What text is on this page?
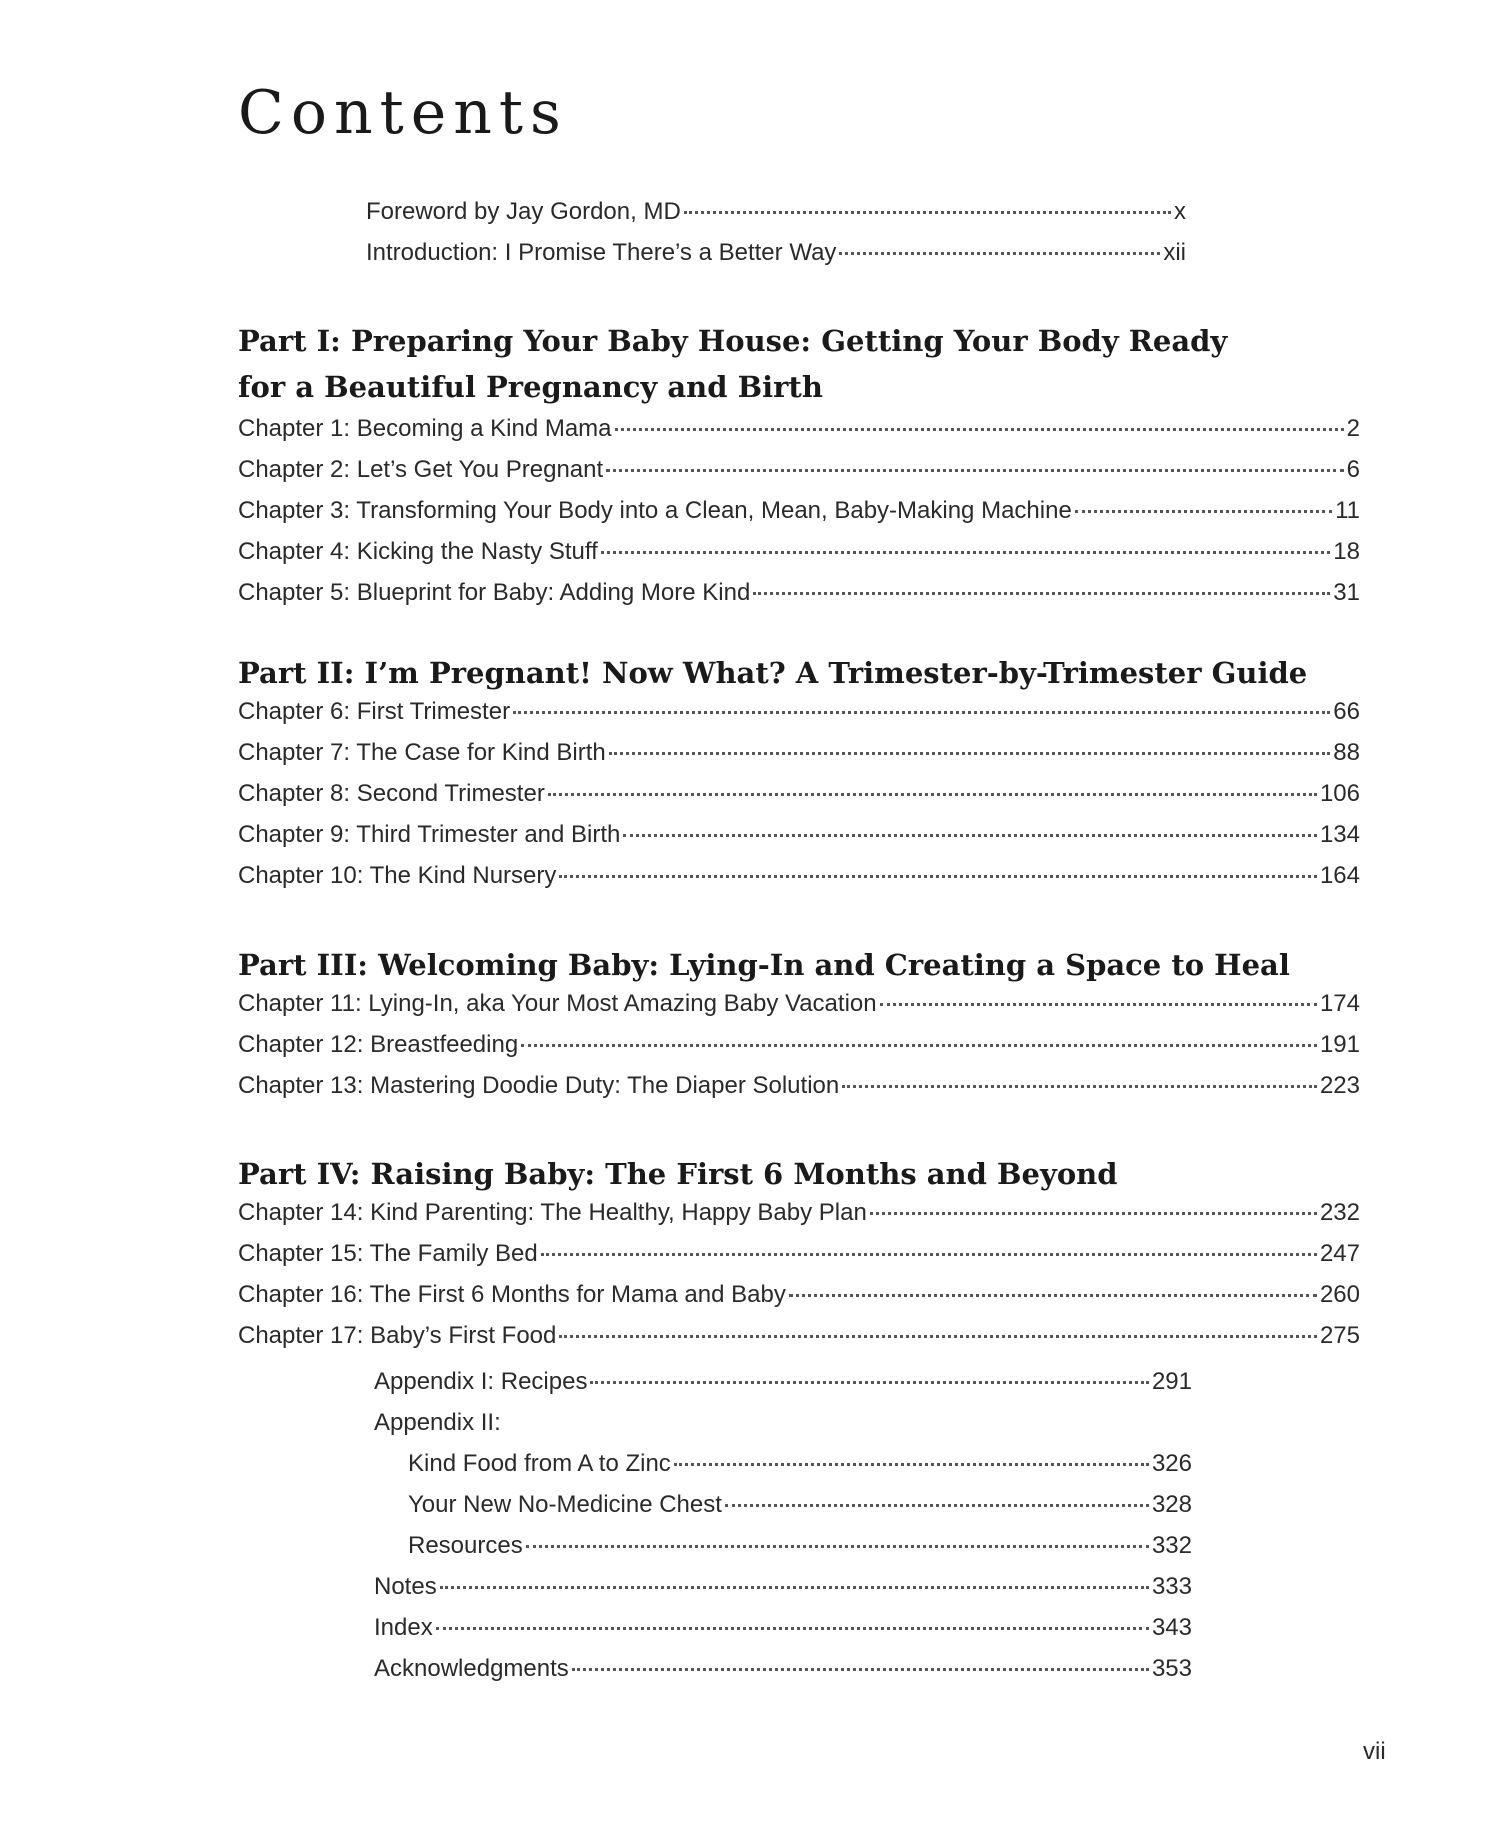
Contents
Foreword by Jay Gordon, MD	x
Introduction: I Promise There’s a Better Way	xii
Part I: Preparing Your Baby House: Getting Your Body Ready for a Beautiful Pregnancy and Birth
Chapter 1: Becoming a Kind Mama	2
Chapter 2: Let’s Get You Pregnant	6
Chapter 3: Transforming Your Body into a Clean, Mean, Baby-Making Machine	11
Chapter 4: Kicking the Nasty Stuff	18
Chapter 5: Blueprint for Baby: Adding More Kind	31
Part II: I’m Pregnant! Now What? A Trimester-by-Trimester Guide
Chapter 6: First Trimester	66
Chapter 7: The Case for Kind Birth	88
Chapter 8: Second Trimester	106
Chapter 9: Third Trimester and Birth	134
Chapter 10: The Kind Nursery	164
Part III: Welcoming Baby: Lying-In and Creating a Space to Heal
Chapter 11: Lying-In, aka Your Most Amazing Baby Vacation	174
Chapter 12: Breastfeeding	191
Chapter 13: Mastering Doodie Duty: The Diaper Solution	223
Part IV: Raising Baby: The First 6 Months and Beyond
Chapter 14: Kind Parenting: The Healthy, Happy Baby Plan	232
Chapter 15: The Family Bed	247
Chapter 16: The First 6 Months for Mama and Baby	260
Chapter 17: Baby’s First Food	275
Appendix I: Recipes	291
Appendix II:
Kind Food from A to Zinc	326
Your New No-Medicine Chest	328
Resources	332
Notes	333
Index	343
Acknowledgments	353
vii
